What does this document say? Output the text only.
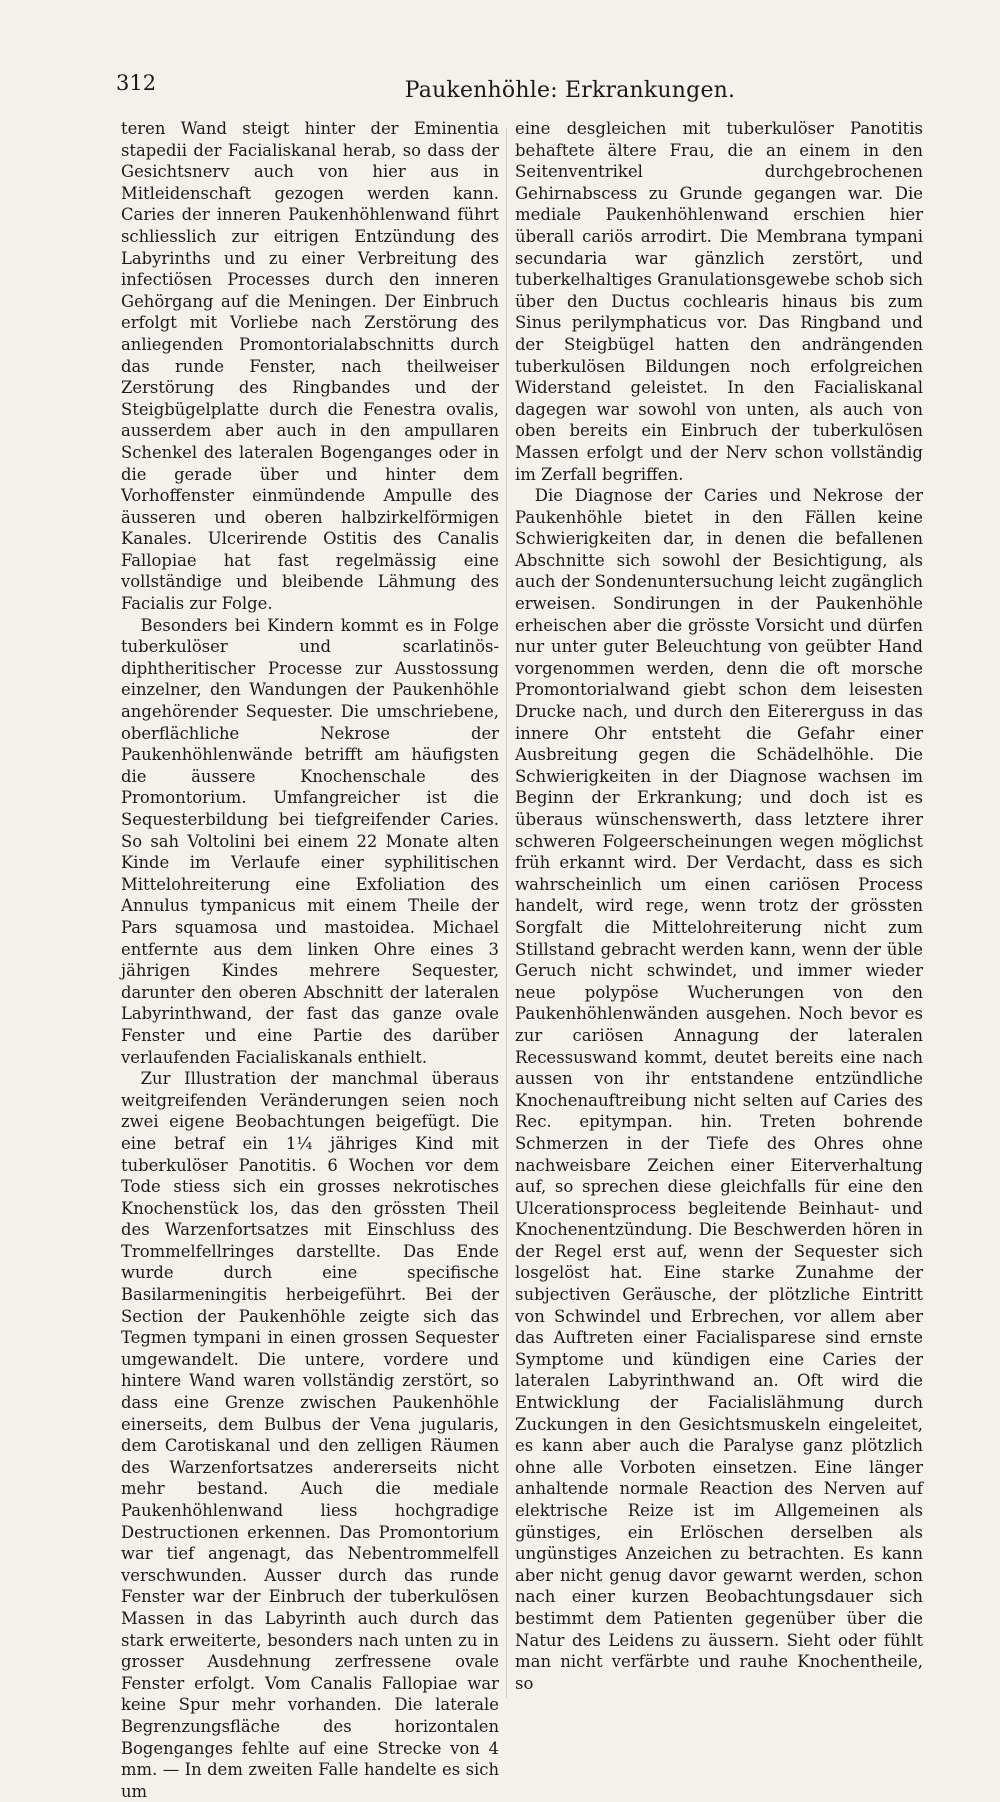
312	Paukenhöhle: Erkrankungen.

teren Wand steigt hinter der Eminentia stapedii der Facialiskanal herab, so dass der Gesichtsnerv auch von hier aus in Mitleidenschaft gezogen werden kann. Caries der inneren Paukenhöhlenwand führt schliesslich zur eitrigen Entzündung des Labyrinths und zu einer Verbreitung des infectiösen Processes durch den inneren Gehörgang auf die Meningen. Der Einbruch erfolgt mit Vorliebe nach Zerstörung des anliegenden Promontorialabschnitts durch das runde Fenster, nach theilweiser Zerstörung des Ringbandes und der Steigbügelplatte durch die Fenestra ovalis, ausserdem aber auch in den ampullaren Schenkel des lateralen Bogenganges oder in die gerade über und hinter dem Vorhoffenster einmündende Ampulle des äusseren und oberen halbzirkelförmigen Kanales. Ulcerirende Ostitis des Canalis Fallopiae hat fast regelmässig eine vollständige und bleibende Lähmung des Facialis zur Folge.

Besonders bei Kindern kommt es in Folge tuberkulöser und scarlatinös-diphtheritischer Processe zur Ausstossung einzelner, den Wandungen der Paukenhöhle angehörender Sequester. Die umschriebene, oberflächliche Nekrose der Paukenhöhlenwände betrifft am häufigsten die äussere Knochenschale des Promontorium. Umfangreicher ist die Sequesterbildung bei tiefgreifender Caries. So sah Voltolini bei einem 22 Monate alten Kinde im Verlaufe einer syphilitischen Mittelohreiterung eine Exfoliation des Annulus tympanicus mit einem Theile der Pars squamosa und mastoidea. Michael entfernte aus dem linken Ohre eines 3 jährigen Kindes mehrere Sequester, darunter den oberen Abschnitt der lateralen Labyrinthwand, der fast das ganze ovale Fenster und eine Partie des darüber verlaufenden Facialiskanals enthielt.

Zur Illustration der manchmal überaus weitgreifenden Veränderungen seien noch zwei eigene Beobachtungen beigefügt. Die eine betraf ein 1¼ jähriges Kind mit tuberkulöser Panotitis. 6 Wochen vor dem Tode stiess sich ein grosses nekrotisches Knochenstück los, das den grössten Theil des Warzenfortsatzes mit Einschluss des Trommelfellringes darstellte. Das Ende wurde durch eine specifische Basilarmeningitis herbeigeführt. Bei der Section der Paukenhöhle zeigte sich das Tegmen tympani in einen grossen Sequester umgewandelt. Die untere, vordere und hintere Wand waren vollständig zerstört, so dass eine Grenze zwischen Paukenhöhle einerseits, dem Bulbus der Vena jugularis, dem Carotiskanal und den zelligen Räumen des Warzenfortsatzes andererseits nicht mehr bestand. Auch die mediale Paukenhöhlenwand liess hochgradige Destructionen erkennen. Das Promontorium war tief angenagt, das Nebentrommelfell verschwunden. Ausser durch das runde Fenster war der Einbruch der tuberkulösen Massen in das Labyrinth auch durch das stark erweiterte, besonders nach unten zu in grosser Ausdehnung zerfressene ovale Fenster erfolgt. Vom Canalis Fallopiae war keine Spur mehr vorhanden. Die laterale Begrenzungsfläche des horizontalen Bogenganges fehlte auf eine Strecke von 4 mm. — In dem zweiten Falle handelte es sich um

eine desgleichen mit tuberkulöser Panotitis behaftete ältere Frau, die an einem in den Seitenventrikel durchgebrochenen Gehirnabscess zu Grunde gegangen war. Die mediale Paukenhöhlenwand erschien hier überall cariös arrodirt. Die Membrana tympani secundaria war gänzlich zerstört, und tuberkelhaltiges Granulationsgewebe schob sich über den Ductus cochlearis hinaus bis zum Sinus perilymphaticus vor. Das Ringband und der Steigbügel hatten den andrängenden tuberkulösen Bildungen noch erfolgreichen Widerstand geleistet. In den Facialiskanal dagegen war sowohl von unten, als auch von oben bereits ein Einbruch der tuberkulösen Massen erfolgt und der Nerv schon vollständig im Zerfall begriffen.

Die Diagnose der Caries und Nekrose der Paukenhöhle bietet in den Fällen keine Schwierigkeiten dar, in denen die befallenen Abschnitte sich sowohl der Besichtigung, als auch der Sondenuntersuchung leicht zugänglich erweisen. Sondirungen in der Paukenhöhle erheischen aber die grösste Vorsicht und dürfen nur unter guter Beleuchtung von geübter Hand vorgenommen werden, denn die oft morsche Promontorialwand giebt schon dem leisesten Drucke nach, und durch den Eitererguss in das innere Ohr entsteht die Gefahr einer Ausbreitung gegen die Schädelhöhle. Die Schwierigkeiten in der Diagnose wachsen im Beginn der Erkrankung; und doch ist es überaus wünschenswerth, dass letztere ihrer schweren Folgeerscheinungen wegen möglichst früh erkannt wird. Der Verdacht, dass es sich wahrscheinlich um einen cariösen Process handelt, wird rege, wenn trotz der grössten Sorgfalt die Mittelohreiterung nicht zum Stillstand gebracht werden kann, wenn der üble Geruch nicht schwindet, und immer wieder neue polypöse Wucherungen von den Paukenhöhlenwänden ausgehen. Noch bevor es zur cariösen Annagung der lateralen Recessuswand kommt, deutet bereits eine nach aussen von ihr entstandene entzündliche Knochenauftreibung nicht selten auf Caries des Rec. epitympan. hin. Treten bohrende Schmerzen in der Tiefe des Ohres ohne nachweisbare Zeichen einer Eiterverhaltung auf, so sprechen diese gleichfalls für eine den Ulcerationsprocess begleitende Beinhaut- und Knochenentzündung. Die Beschwerden hören in der Regel erst auf, wenn der Sequester sich losgelöst hat. Eine starke Zunahme der subjectiven Geräusche, der plötzliche Eintritt von Schwindel und Erbrechen, vor allem aber das Auftreten einer Facialisparese sind ernste Symptome und kündigen eine Caries der lateralen Labyrinthwand an. Oft wird die Entwicklung der Facialislähmung durch Zuckungen in den Gesichtsmuskeln eingeleitet, es kann aber auch die Paralyse ganz plötzlich ohne alle Vorboten einsetzen. Eine länger anhaltende normale Reaction des Nerven auf elektrische Reize ist im Allgemeinen als günstiges, ein Erlöschen derselben als ungünstiges Anzeichen zu betrachten. Es kann aber nicht genug davor gewarnt werden, schon nach einer kurzen Beobachtungsdauer sich bestimmt dem Patienten gegenüber über die Natur des Leidens zu äussern. Sieht oder fühlt man nicht verfärbte und rauhe Knochentheile, so
